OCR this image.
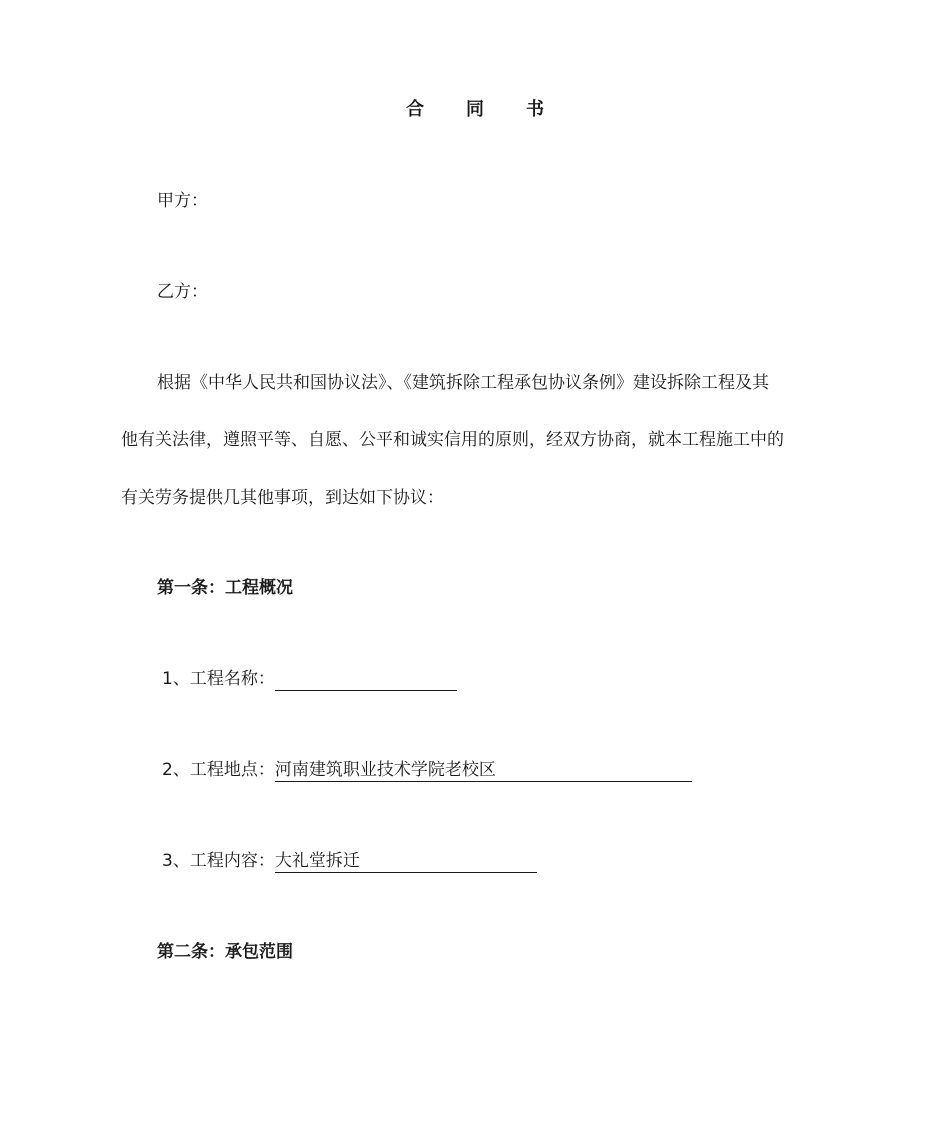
合 同 书
甲方：
乙方：
根据《中华人民共和国协议法》、《建筑拆除工程承包协议条例》建设拆除工程及其
他有关法律，遵照平等、自愿、公平和诚实信用的原则，经双方协商，就本工程施工中的
有关劳务提供几其他事项，到达如下协议：
第一条：工程概况
1、工程名称：
2、工程地点：河南建筑职业技术学院老校区
3、工程内容：大礼堂拆迁
第二条：承包范围
